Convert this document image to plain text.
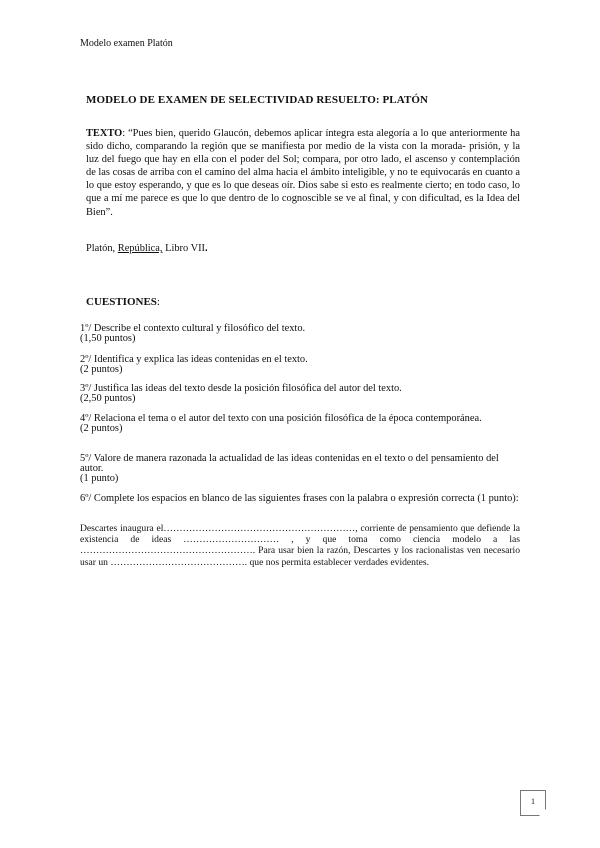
Modelo examen Platón
MODELO DE EXAMEN DE SELECTIVIDAD RESUELTO: PLATÓN
TEXTO: “Pues bien, querido Glaucón, debemos aplicar íntegra esta alegoría a lo que anteriormente ha sido dicho, comparando la región que se manifiesta por medio de la vista con la morada- prisión, y la luz del fuego que hay en ella con el poder del Sol; compara, por otro lado, el ascenso y contemplación de las cosas de arriba con el camino del alma hacia el ámbito inteligible, y no te equivocarás en cuanto a lo que estoy esperando, y que es lo que deseas oír. Dios sabe si esto es realmente cierto; en todo caso, lo que a mí me parece es que lo que dentro de lo cognoscible se ve al final, y con dificultad, es la Idea del Bien”.
Platón, República, Libro VII.
CUESTIONES:
1º/ Describe el contexto cultural y filosófico del texto.
(1,50 puntos)
2º/ Identifica y explica las ideas contenidas en el texto.
(2 puntos)
3º/ Justifica las ideas del texto desde la posición filosófica del autor del texto.
(2,50 puntos)
4º/ Relaciona el tema o el autor del texto con una posición filosófica de la época contemporánea.
(2 puntos)
5º/ Valore de manera razonada la actualidad de las ideas contenidas en el texto o del pensamiento del autor.
(1 punto)
6º/ Complete los espacios en blanco de las siguientes frases con la palabra o expresión correcta (1 punto):
Descartes inaugura el……………………………………………………, corriente de pensamiento que defiende la existencia de ideas ………………………… , y que toma como ciencia modelo a las ………………………………………………. Para usar bien la razón, Descartes y los racionalistas ven necesario usar un ……………………………………. que nos permita establecer verdades evidentes.
1
